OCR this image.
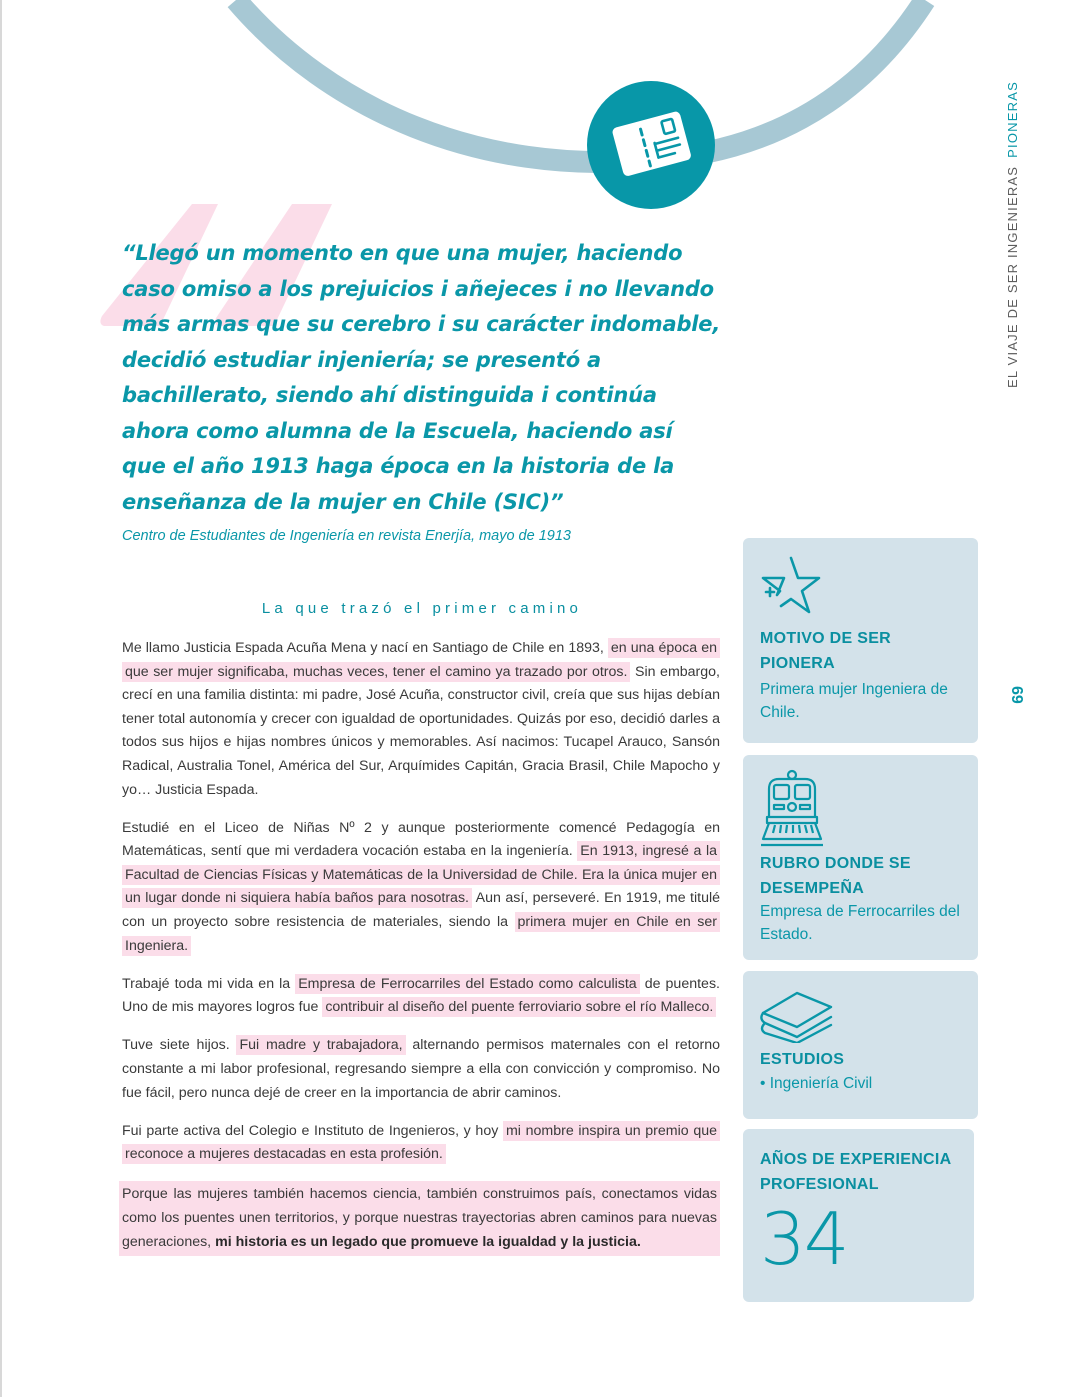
EL VIAJE DE SER INGENIERASPIONERAS
69
“Llegó un momento en que una mujer, haciendo
caso omiso a los prejuicios i añejeces i no llevando
más armas que su cerebro i su carácter indomable,
decidió estudiar injeniería; se presentó a
bachillerato, siendo ahí distinguida i continúa
ahora como alumna de la Escuela, haciendo así
que el año 1913 haga época en la historia de la
enseñanza de la mujer en Chile (SIC)”
Centro de Estudiantes de Ingeniería en revista Enerjía, mayo de 1913
La que trazó el primer camino

Me llamo Justicia Espada Acuña Mena y nací en Santiago de Chile en 1893, en una época en que ser mujer significaba, muchas veces, tener el camino ya trazado por otros. Sin embargo, crecí en una familia distinta: mi padre, José Acuña, constructor civil, creía que sus hijas debían tener total autonomía y crecer con igualdad de oportunidades. Quizás por eso, decidió darles a todos sus hijos e hijas nombres únicos y memorables. Así nacimos: Tucapel Arauco, Sansón Radical, Australia Tonel, América del Sur, Arquímides Capitán, Gracia Brasil, Chile Mapocho y yo… Justicia Espada.

Estudié en el Liceo de Niñas Nº 2 y aunque posteriormente comencé Pedagogía en Matemáticas, sentí que mi verdadera vocación estaba en la ingeniería. En 1913, ingresé a la Facultad de Ciencias Físicas y Matemáticas de la Universidad de Chile. Era la única mujer en un lugar donde ni siquiera había baños para nosotras. Aun así, perseveré. En 1919, me titulé con un proyecto sobre resistencia de materiales, siendo la primera mujer en Chile en ser Ingeniera.

Trabajé toda mi vida en la Empresa de Ferrocarriles del Estado como calculista de puentes. Uno de mis mayores logros fue contribuir al diseño del puente ferroviario sobre el río Malleco.

Tuve siete hijos. Fui madre y trabajadora, alternando permisos maternales con el retorno constante a mi labor profesional, regresando siempre a ella con convicción y compromiso. No fue fácil, pero nunca dejé de creer en la importancia de abrir caminos.

Fui parte activa del Colegio e Instituto de Ingenieros, y hoy mi nombre inspira un premio que reconoce a mujeres destacadas en esta profesión.

Porque las mujeres también hacemos ciencia, también construimos país, conectamos vidas como los puentes unen territorios, y porque nuestras trayectorias abren caminos para nuevas generaciones, mi historia es un legado que promueve la igualdad y la justicia.

MOTIVO DE SER PIONERA
Primera mujer Ingeniera de Chile.
RUBRO DONDE SE DESEMPEÑA
Empresa de Ferrocarriles del Estado.
ESTUDIOS
• Ingeniería Civil
AÑOS DE EXPERIENCIA PROFESIONAL
34
